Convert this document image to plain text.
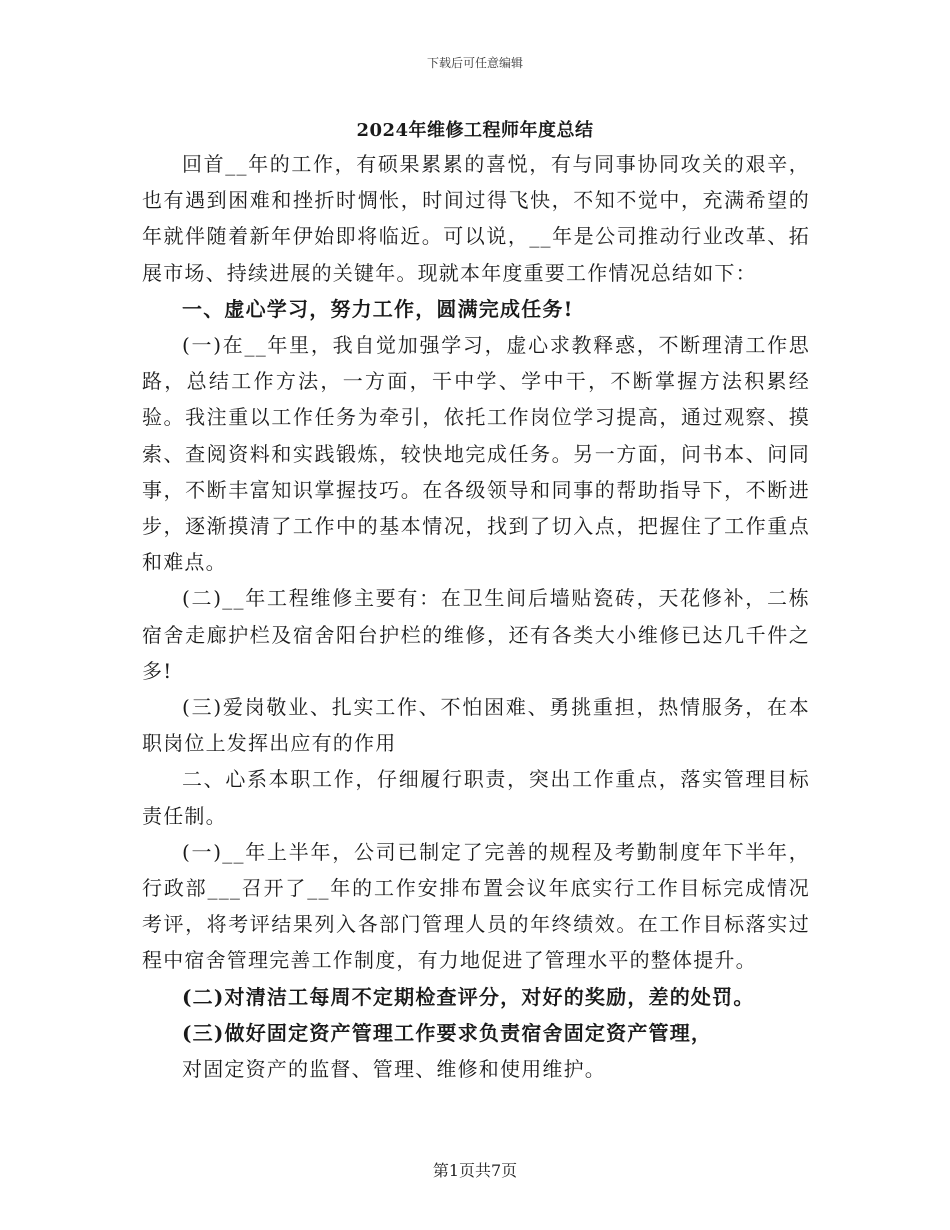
下载后可任意编辑
2024年维修工程师年度总结

回首__年的工作，有硕果累累的喜悦，有与同事协同攻关的艰辛，也有遇到困难和挫折时惆怅，时间过得飞快，不知不觉中，充满希望的年就伴随着新年伊始即将临近。可以说，__年是公司推动行业改革、拓展市场、持续进展的关键年。现就本年度重要工作情况总结如下：

一、虚心学习，努力工作，圆满完成任务!

(一)在__年里，我自觉加强学习，虚心求教释惑，不断理清工作思路，总结工作方法，一方面，干中学、学中干，不断掌握方法积累经验。我注重以工作任务为牵引，依托工作岗位学习提高，通过观察、摸索、查阅资料和实践锻炼，较快地完成任务。另一方面，问书本、问同事，不断丰富知识掌握技巧。在各级领导和同事的帮助指导下，不断进步，逐渐摸清了工作中的基本情况，找到了切入点，把握住了工作重点和难点。

(二)__年工程维修主要有：在卫生间后墙贴瓷砖，天花修补，二栋宿舍走廊护栏及宿舍阳台护栏的维修，还有各类大小维修已达几千件之多!

(三)爱岗敬业、扎实工作、不怕困难、勇挑重担，热情服务，在本职岗位上发挥出应有的作用

二、心系本职工作，仔细履行职责，突出工作重点，落实管理目标责任制。

(一)__年上半年，公司已制定了完善的规程及考勤制度年下半年，行政部___召开了__年的工作安排布置会议年底实行工作目标完成情况考评，将考评结果列入各部门管理人员的年终绩效。在工作目标落实过程中宿舍管理完善工作制度，有力地促进了管理水平的整体提升。

(二)对清洁工每周不定期检查评分，对好的奖励，差的处罚。

(三)做好固定资产管理工作要求负责宿舍固定资产管理，

对固定资产的监督、管理、维修和使用维护。

第1页共7页
